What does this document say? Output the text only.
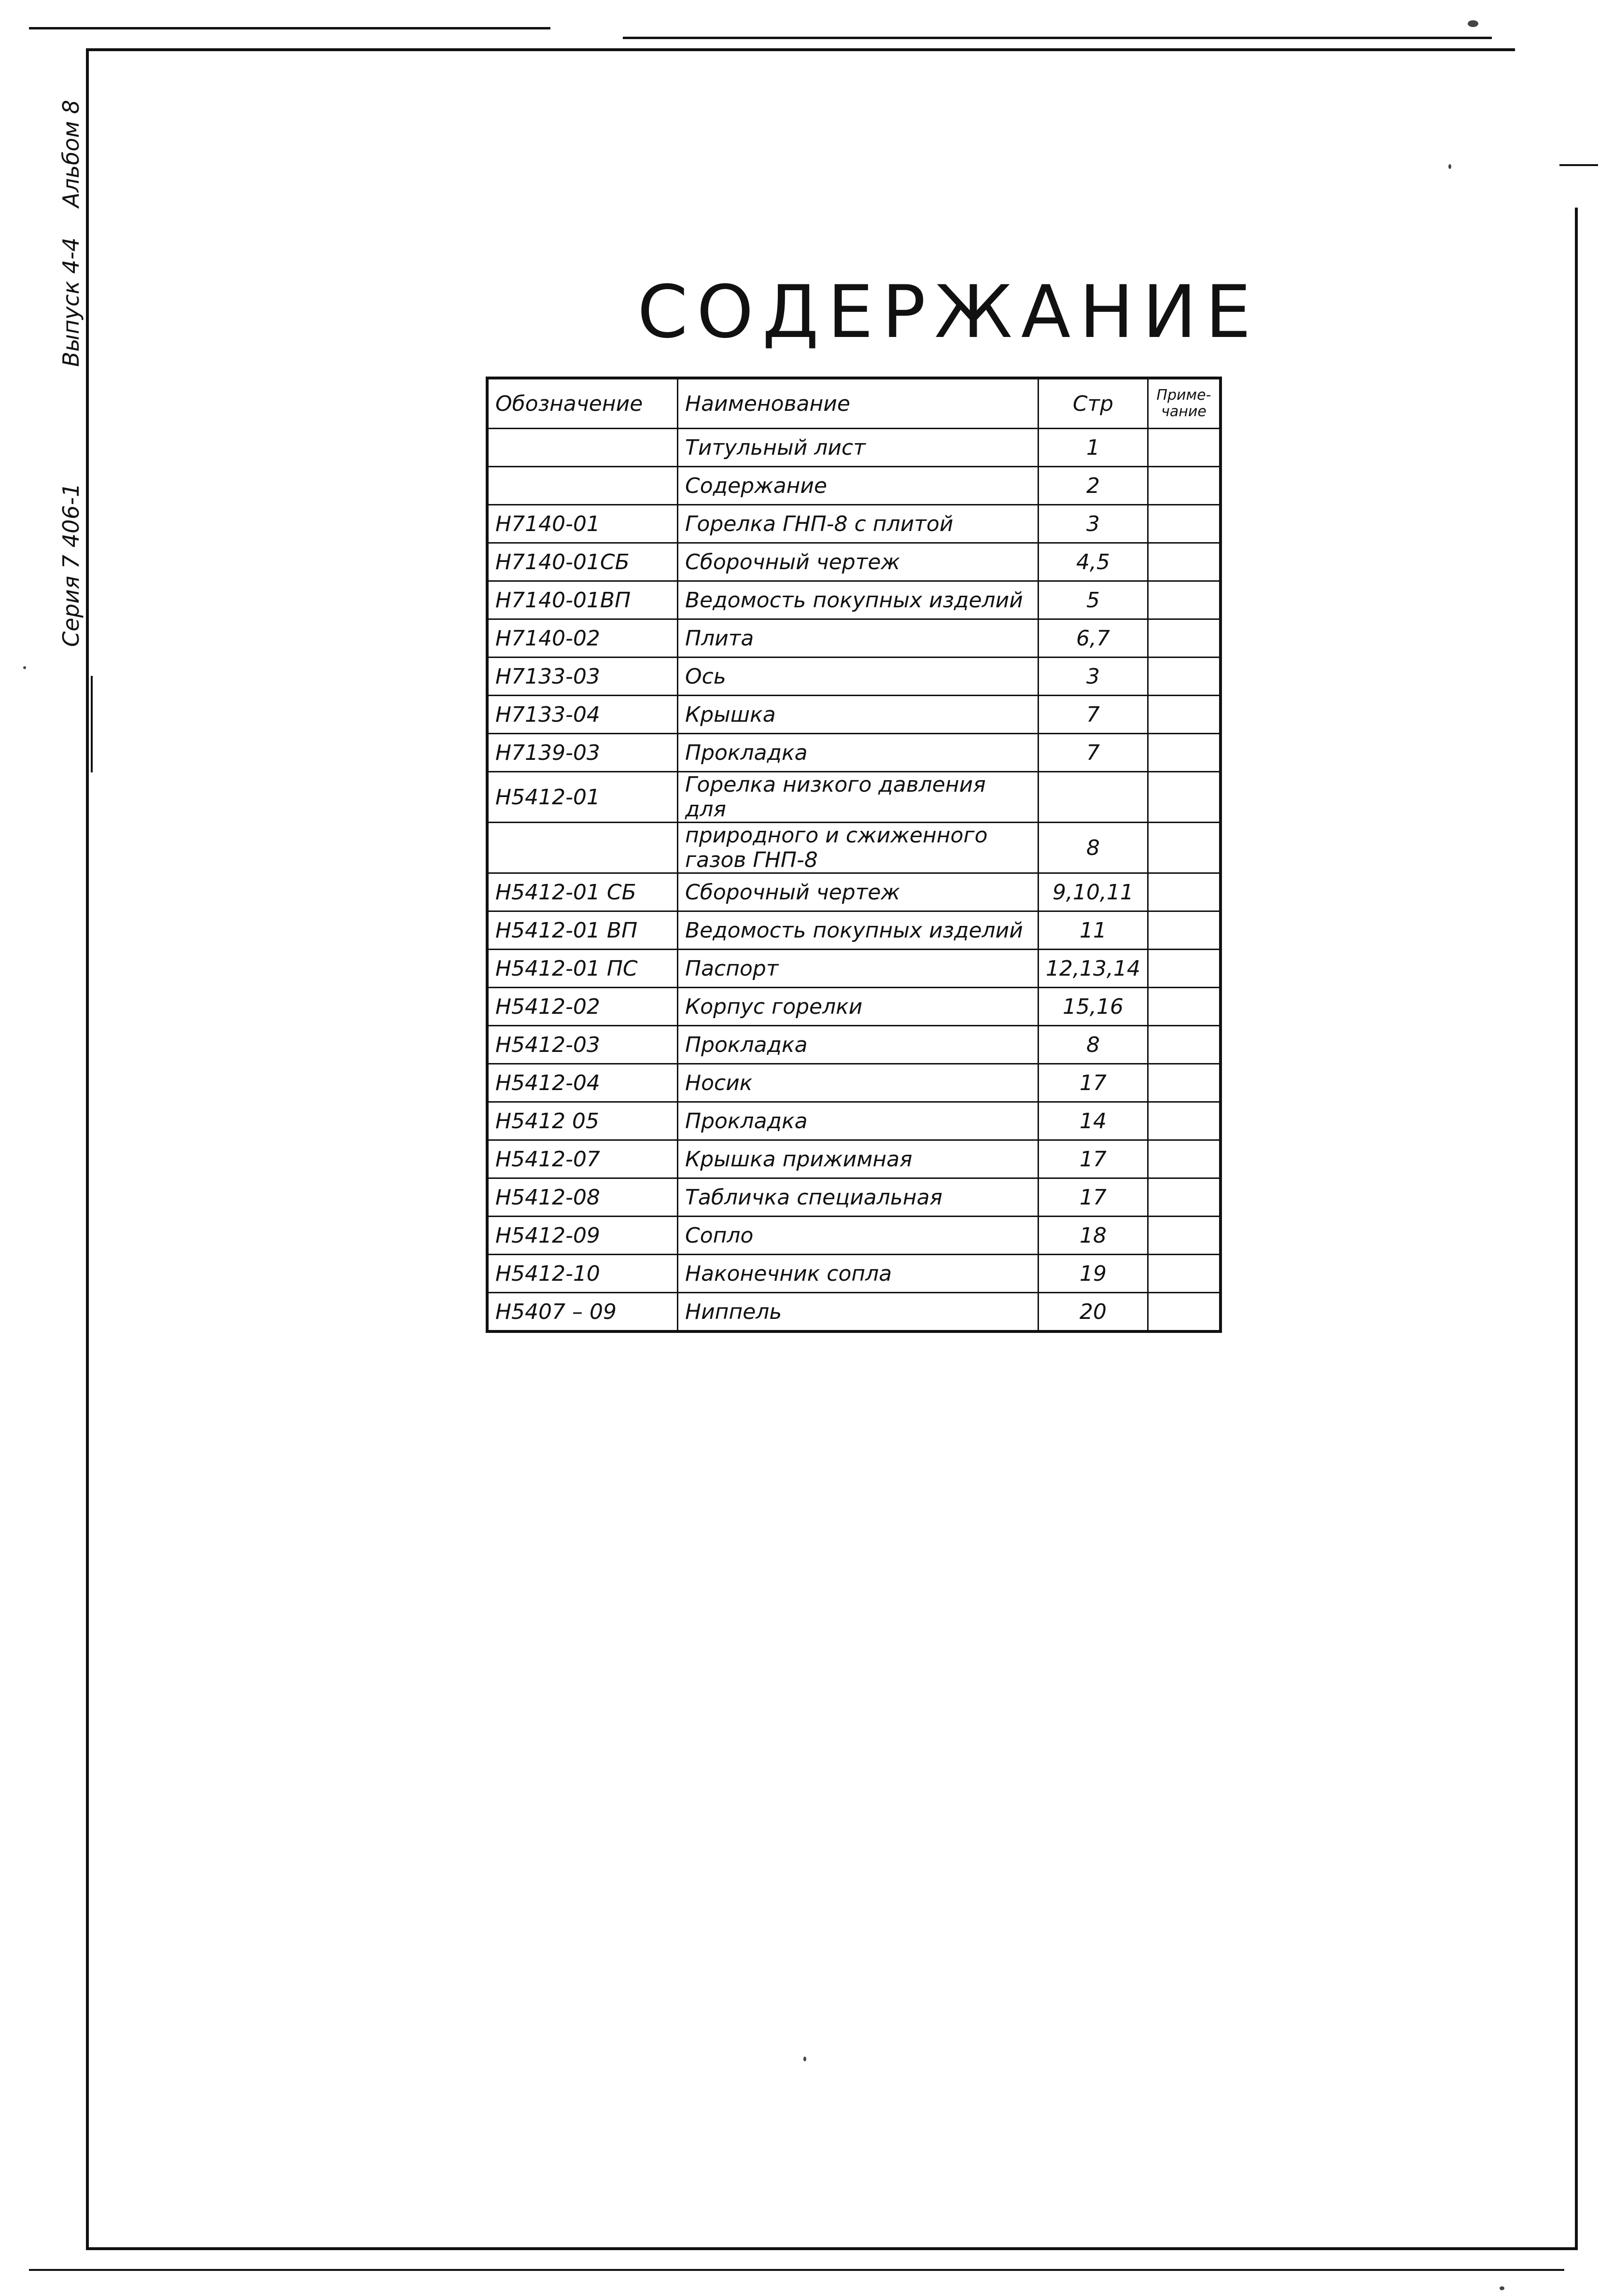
Серия 7 406-1
Выпуск 4-4
Альбом 8
СОДЕРЖАНИЕ
Обозначение	Наименование	Стр	Приме-чание
	Титульный лист	1	
	Содержание	2	
Н7140-01	Горелка ГНП-8 с плитой	3	
Н7140-01СБ	Сборочный чертеж	4,5	
Н7140-01ВП	Ведомость покупных изделий	5	
Н7140-02	Плита	6,7	
Н7133-03	Ось	3	
Н7133-04	Крышка	7	
Н7139-03	Прокладка	7	
Н5412-01	Горелка низкого давления для		
	природного и сжиженного газов ГНП-8	8	
Н5412-01 СБ	Сборочный чертеж	9,10,11	
Н5412-01 ВП	Ведомость покупных изделий	11	
Н5412-01 ПС	Паспорт	12,13,14	
Н5412-02	Корпус горелки	15,16	
Н5412-03	Прокладка	8	
Н5412-04	Носик	17	
Н5412 05	Прокладка	14	
Н5412-07	Крышка прижимная	17	
Н5412-08	Табличка специальная	17	
Н5412-09	Сопло	18	
Н5412-10	Наконечник сопла	19	
Н5407 – 09	Ниппель	20	
